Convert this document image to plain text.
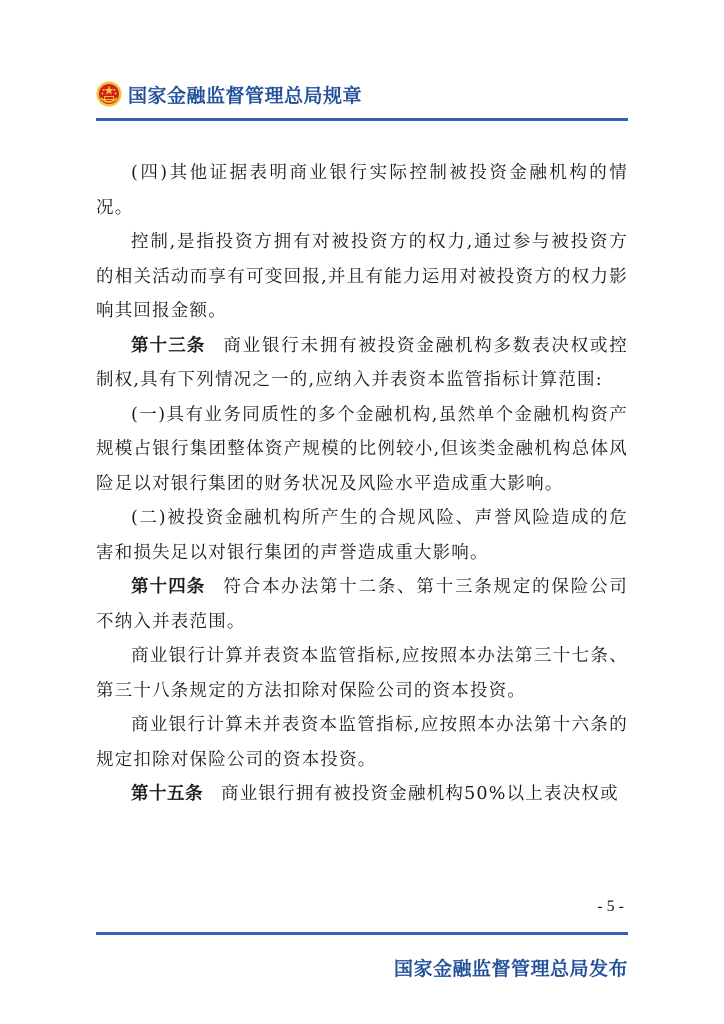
国家金融监督管理总局规章

(四)其他证据表明商业银行实际控制被投资金融机构的情况。

控制,是指投资方拥有对被投资方的权力,通过参与被投资方的相关活动而享有可变回报,并且有能力运用对被投资方的权力影响其回报金额。

第十三条 商业银行未拥有被投资金融机构多数表决权或控制权,具有下列情况之一的,应纳入并表资本监管指标计算范围:

(一)具有业务同质性的多个金融机构,虽然单个金融机构资产规模占银行集团整体资产规模的比例较小,但该类金融机构总体风险足以对银行集团的财务状况及风险水平造成重大影响。

(二)被投资金融机构所产生的合规风险、声誉风险造成的危害和损失足以对银行集团的声誉造成重大影响。

第十四条 符合本办法第十二条、第十三条规定的保险公司不纳入并表范围。

商业银行计算并表资本监管指标,应按照本办法第三十七条、第三十八条规定的方法扣除对保险公司的资本投资。

商业银行计算未并表资本监管指标,应按照本办法第十六条的规定扣除对保险公司的资本投资。

第十五条 商业银行拥有被投资金融机构50%以上表决权或

- 5 -
国家金融监督管理总局发布
